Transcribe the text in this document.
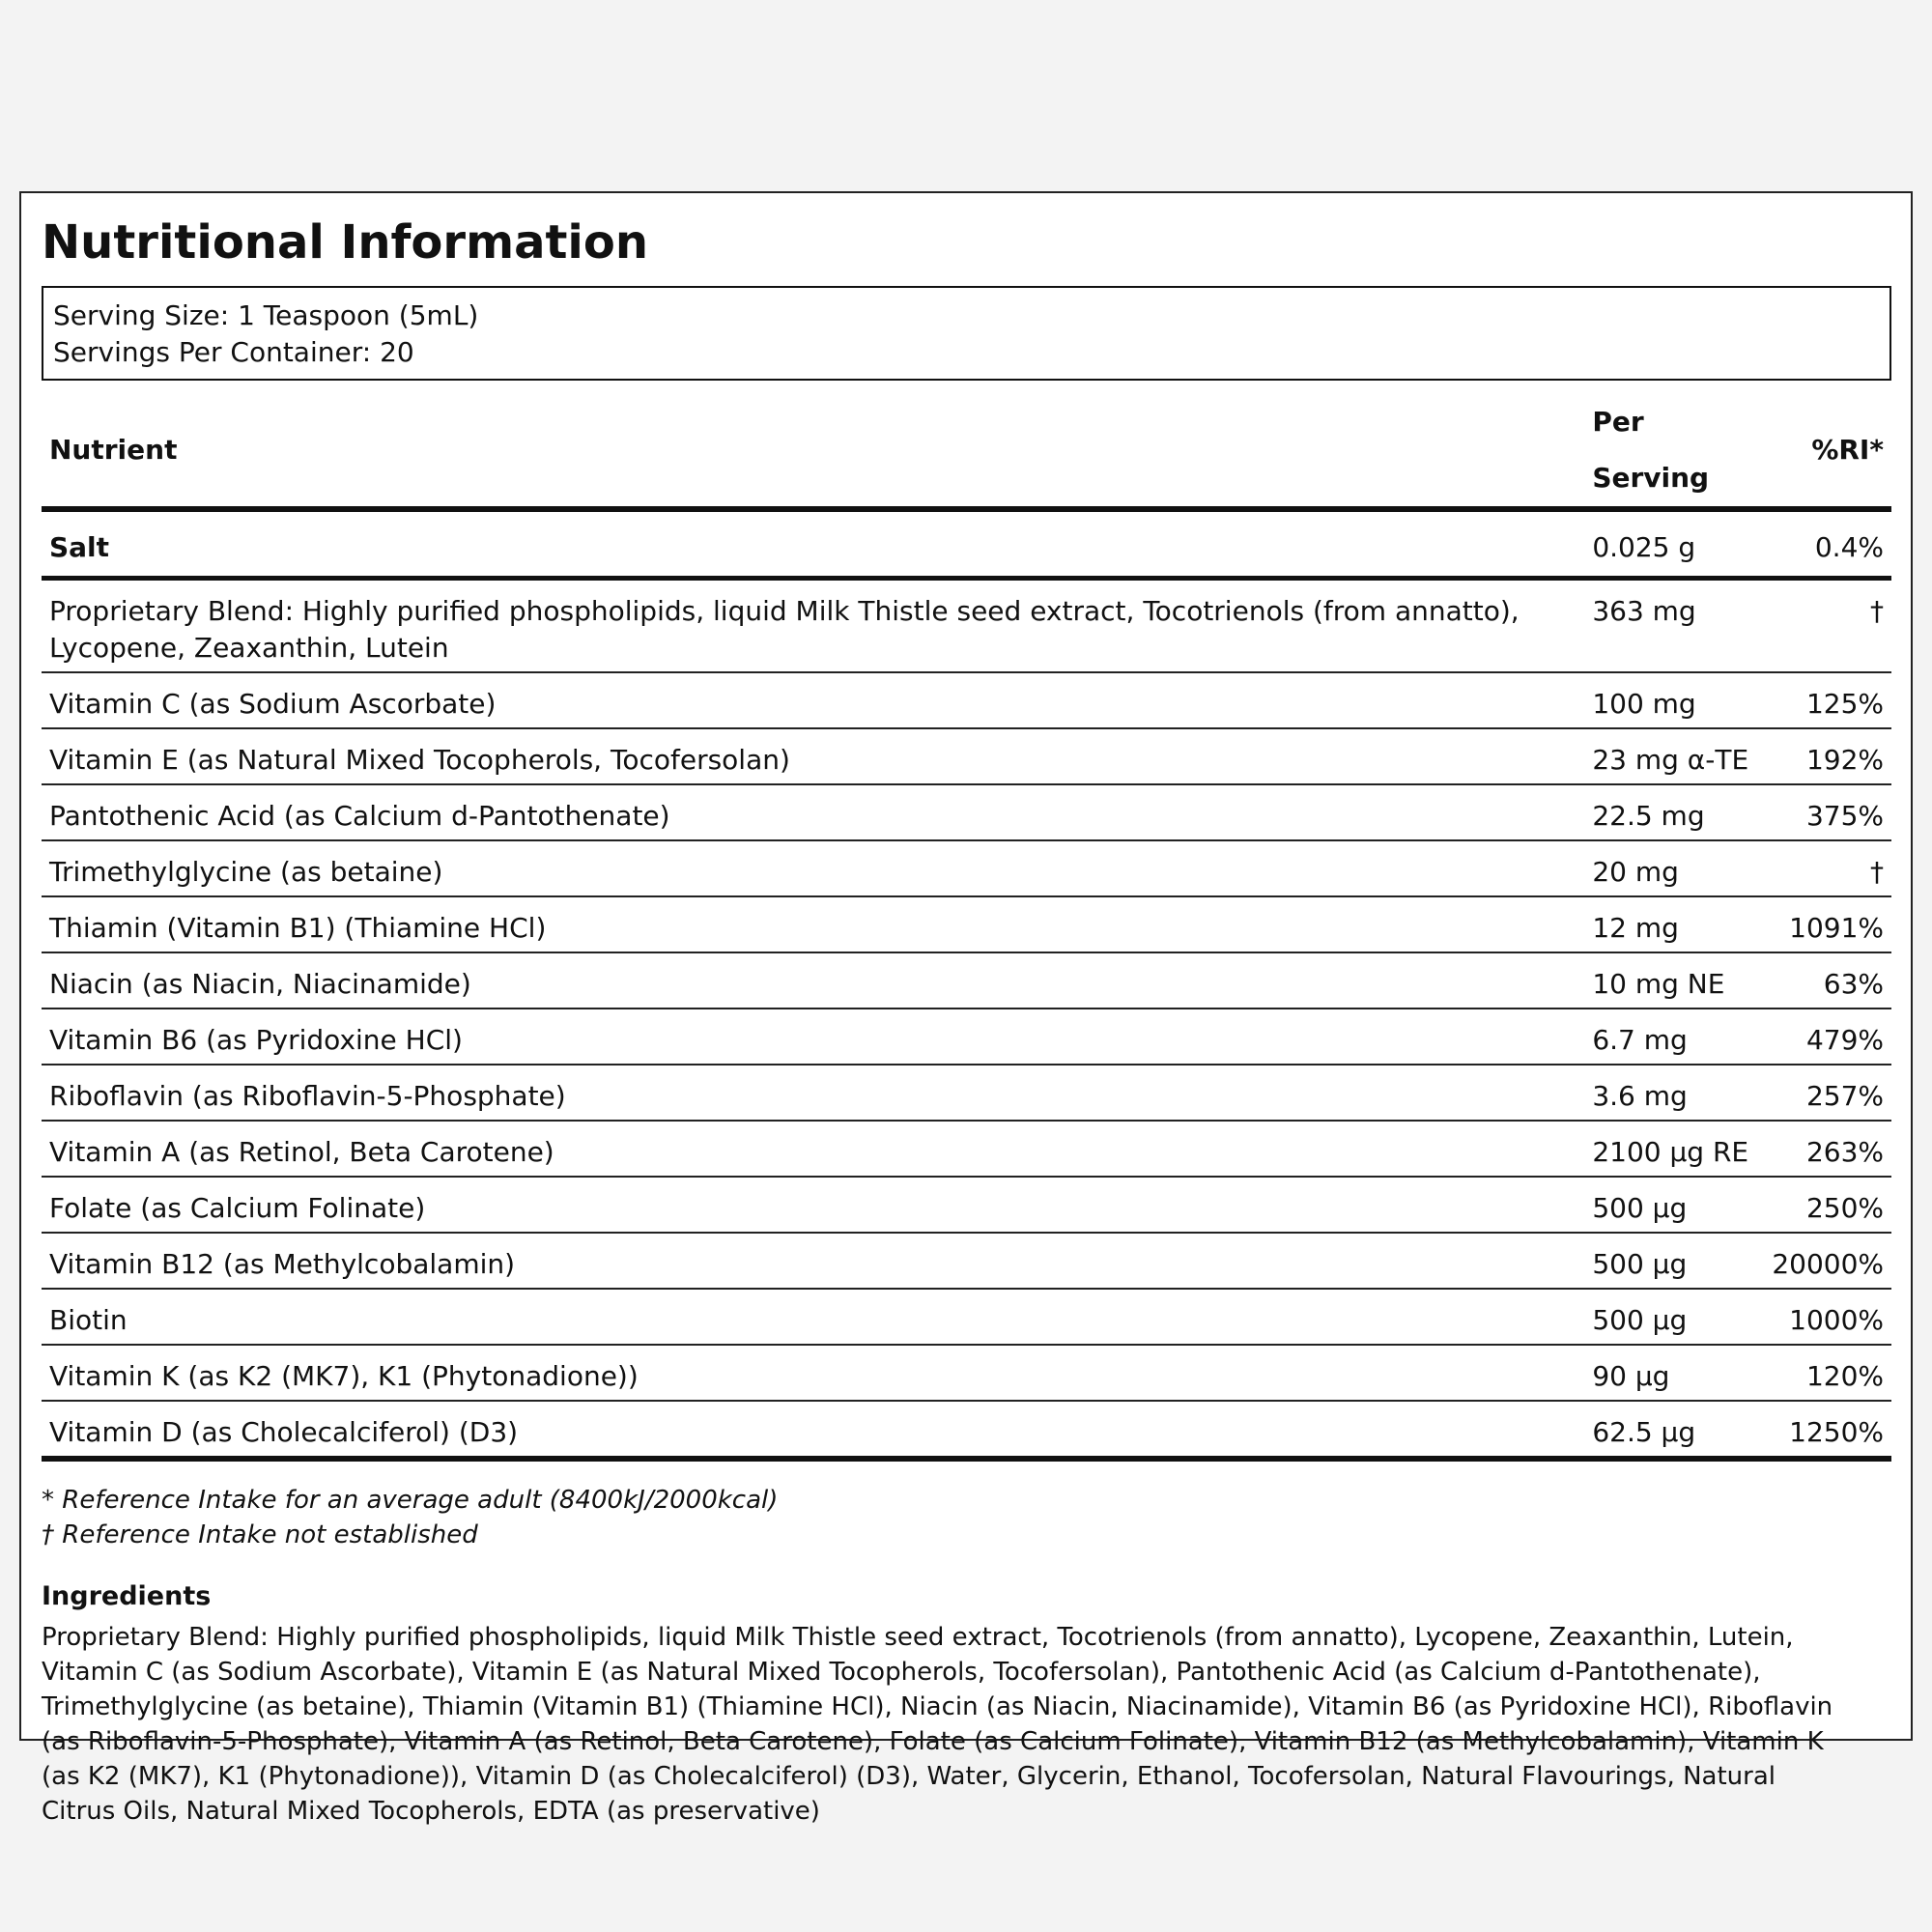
Nutritional Information
Serving Size: 1 Teaspoon (5mL)
Servings Per Container: 20
Nutrient	Per Serving	%RI*
Salt	0.025 g	0.4%
Proprietary Blend: Highly purified phospholipids, liquid Milk Thistle seed extract, Tocotrienols (from annatto), Lycopene, Zeaxanthin, Lutein	363 mg	†
Vitamin C (as Sodium Ascorbate)	100 mg	125%
Vitamin E (as Natural Mixed Tocopherols, Tocofersolan)	23 mg α-TE	192%
Pantothenic Acid (as Calcium d-Pantothenate)	22.5 mg	375%
Trimethylglycine (as betaine)	20 mg	†
Thiamin (Vitamin B1) (Thiamine HCl)	12 mg	1091%
Niacin (as Niacin, Niacinamide)	10 mg NE	63%
Vitamin B6 (as Pyridoxine HCl)	6.7 mg	479%
Riboflavin (as Riboflavin-5-Phosphate)	3.6 mg	257%
Vitamin A (as Retinol, Beta Carotene)	2100 µg RE	263%
Folate (as Calcium Folinate)	500 µg	250%
Vitamin B12 (as Methylcobalamin)	500 µg	20000%
Biotin	500 µg	1000%
Vitamin K (as K2 (MK7), K1 (Phytonadione))	90 µg	120%
Vitamin D (as Cholecalciferol) (D3)	62.5 µg	1250%
* Reference Intake for an average adult (8400kJ/2000kcal)
† Reference Intake not established
Ingredients
Proprietary Blend: Highly purified phospholipids, liquid Milk Thistle seed extract, Tocotrienols (from annatto), Lycopene, Zeaxanthin, Lutein, Vitamin C (as Sodium Ascorbate), Vitamin E (as Natural Mixed Tocopherols, Tocofersolan), Pantothenic Acid (as Calcium d-Pantothenate), Trimethylglycine (as betaine), Thiamin (Vitamin B1) (Thiamine HCl), Niacin (as Niacin, Niacinamide), Vitamin B6 (as Pyridoxine HCl), Riboflavin (as Riboflavin-5-Phosphate), Vitamin A (as Retinol, Beta Carotene), Folate (as Calcium Folinate), Vitamin B12 (as Methylcobalamin), Vitamin K (as K2 (MK7), K1 (Phytonadione)), Vitamin D (as Cholecalciferol) (D3), Water, Glycerin, Ethanol, Tocofersolan, Natural Flavourings, Natural Citrus Oils, Natural Mixed Tocopherols, EDTA (as preservative)
